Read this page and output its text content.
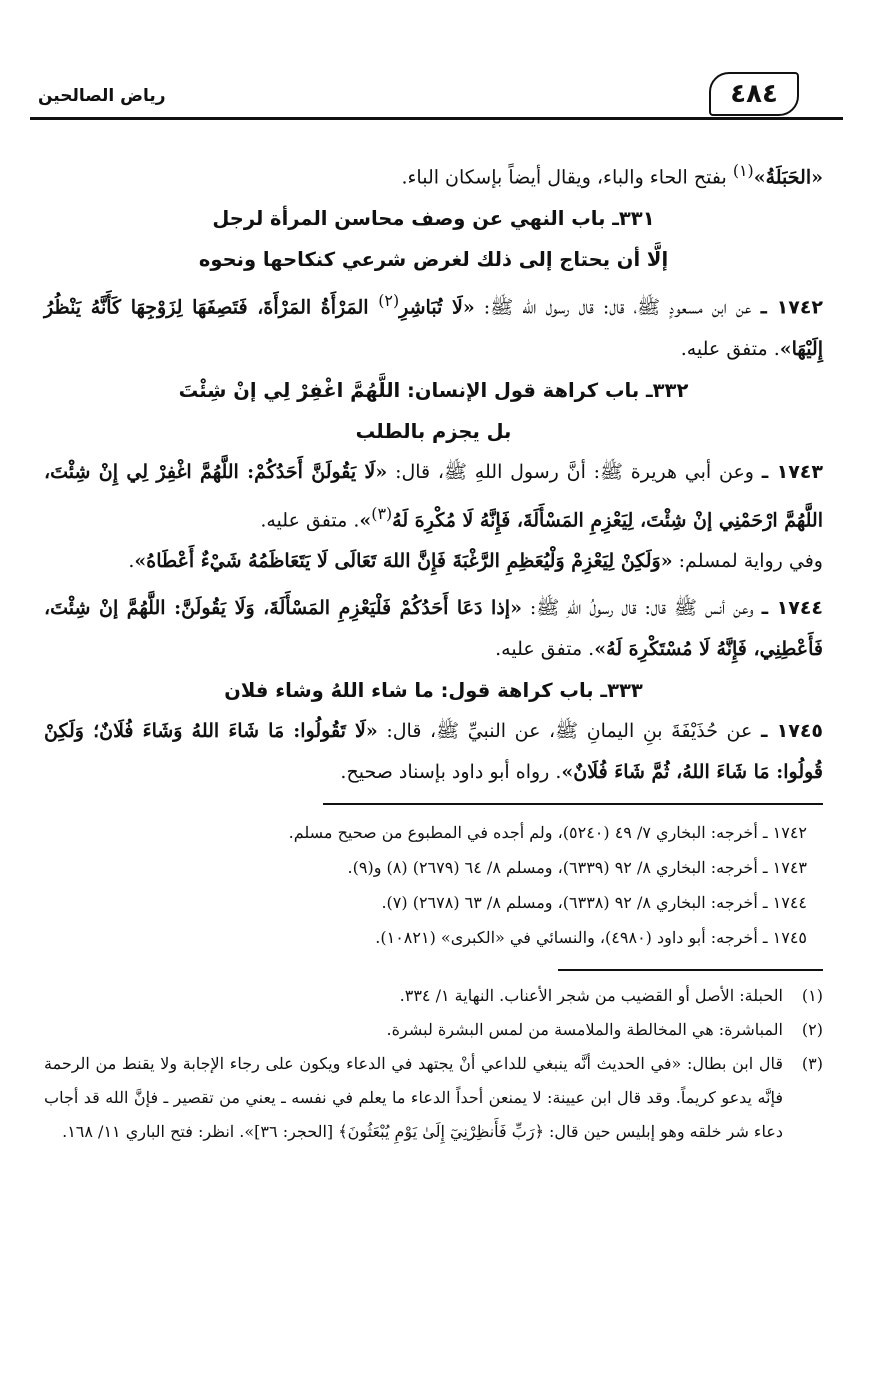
٤٨٤
رياض الصالحين

«الحَبَلَةُ»$^{(١)}$ بفتح الحاء والباء، ويقال أيضاً بإسكان الباء.

٣٣١ـ باب النهي عن وصف محاسن المرأة لرجل

إلَّا أن يحتاج إلى ذلك لغرض شرعي كنكاحها ونحوه

١٧٤٢ ـ عن ابن مسعودٍ ﷺ، قال: قال رسول الله ﷺ: «لَا تُبَاشِرِ$^{(٢)}$ المَرْأَةُ المَرْأَةَ، فَتَصِفَهَا لِزَوْجِهَا كَأَنَّهُ يَنْظُرُ إِلَيْهَا». متفق عليه.

٣٣٢ـ باب كراهة قول الإنسان: اللَّهُمَّ اغْفِرْ لِي إنْ شِئْتَ

بل يجزم بالطلب

١٧٤٣ ـ وعن أبي هريرة ﷺ: أنَّ رسول اللهِ ﷺ، قال: «لَا يَقُولَنَّ أَحَدُكُمْ: اللَّهُمَّ اغْفِرْ لِي إِنْ شِئْتَ، اللَّهُمَّ ارْحَمْنِي إنْ شِئْتَ، لِيَعْزِمِ المَسْأَلَةَ، فَإِنَّهُ لَا مُكْرِهَ لَهُ$^{(٣)}$». متفق عليه.

وفي رواية لمسلم: «وَلَكِنْ لِيَعْزِمْ وَلْيُعَظِمِ الرَّغْبَةَ فَإِنَّ اللهَ تَعَالَى لَا يَتَعَاظَمُهُ شَيْءٌ أَعْطَاهُ».

١٧٤٤ ـ وعن أنس ﷺ قال: قال رسولُ اللهِ ﷺ: «إذا دَعَا أَحَدُكُمْ فَلْيَعْزِمِ المَسْأَلَةَ، وَلَا يَقُولَنَّ: اللَّهُمَّ إنْ شِئْتَ، فَأَعْطِنِي، فَإِنَّهُ لَا مُسْتَكْرِهَ لَهُ». متفق عليه.

٣٣٣ـ باب كراهة قول: ما شاء اللهُ وشاء فلان

١٧٤٥ ـ عن حُذَيْفَةَ بنِ اليمانِ ﷺ، عن النبيِّ ﷺ، قال: «لَا تَقُولُوا: مَا شَاءَ اللهُ وَشَاءَ فُلَانٌ؛ وَلَكِنْ قُولُوا: مَا شَاءَ اللهُ، ثُمَّ شَاءَ فُلَانٌ». رواه أبو داود بإسناد صحيح.

١٧٤٢ ـ أخرجه: البخاري ٧/ ٤٩ (٥٢٤٠)، ولم أجده في المطبوع من صحيح مسلم.

١٧٤٣ ـ أخرجه: البخاري ٨/ ٩٢ (٦٣٣٩)، ومسلم ٨/ ٦٤ (٢٦٧٩) (٨) و(٩).

١٧٤٤ ـ أخرجه: البخاري ٨/ ٩٢ (٦٣٣٨)، ومسلم ٨/ ٦٣ (٢٦٧٨) (٧).

١٧٤٥ ـ أخرجه: أبو داود (٤٩٨٠)، والنسائي في «الكبرى» (١٠٨٢١).

(١)
الحبلة: الأصل أو القضيب من شجر الأعناب. النهاية ١/ ٣٣٤.
(٢)
المباشرة: هي المخالطة والملامسة من لمس البشرة لبشرة.
(٣)
قال ابن بطال: «في الحديث أنَّه ينبغي للداعي أنْ يجتهد في الدعاء ويكون على رجاء الإجابة ولا يقنط من الرحمة فإنَّه يدعو كريماً. وقد قال ابن عيينة: لا يمنعن أحداً الدعاء ما يعلم في نفسه ـ يعني من تقصير ـ فإنَّ الله قد أجاب دعاء شر خلقه وهو إبليس حين قال: ﴿رَبِّ فَأَنظِرْنِيٓ إِلَىٰ يَوْمِ يُبْعَثُونَ﴾ [الحجر: ٣٦]». انظر: فتح الباري ١١/ ١٦٨.
